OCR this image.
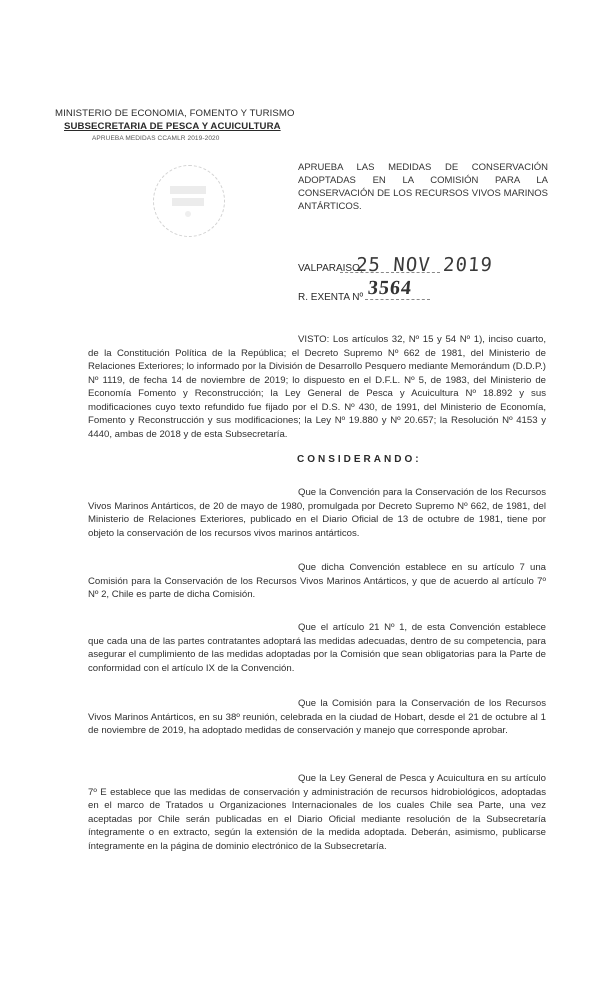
MINISTERIO DE ECONOMIA, FOMENTO Y TURISMO
SUBSECRETARIA DE PESCA Y ACUICULTURA
APRUEBA MEDIDAS CCAMLR 2019-2020
APRUEBA LAS MEDIDAS DE CONSERVACIÓN ADOPTADAS EN LA COMISIÓN PARA LA CONSERVACIÓN DE LOS RECURSOS VIVOS MARINOS ANTÁRTICOS.
VALPARAISO,
25 NOV 2019
R. EXENTA Nº 3564
VISTO: Los artículos 32, Nº 15 y 54 Nº 1), inciso cuarto, de la Constitución Política de la República; el Decreto Supremo Nº 662 de 1981, del Ministerio de Relaciones Exteriores; lo informado por la División de Desarrollo Pesquero mediante Memorándum (D.D.P.) Nº 1119, de fecha 14 de noviembre de 2019; lo dispuesto en el D.F.L. Nº 5, de 1983, del Ministerio de Economía Fomento y Reconstrucción; la Ley General de Pesca y Acuicultura Nº 18.892 y sus modificaciones cuyo texto refundido fue fijado por el D.S. Nº 430, de 1991, del Ministerio de Economía, Fomento y Reconstrucción y sus modificaciones; la Ley Nº 19.880 y Nº 20.657; la Resolución Nº 4153 y 4440, ambas de 2018 y de esta Subsecretaría.
CONSIDERANDO:
Que la Convención para la Conservación de los Recursos Vivos Marinos Antárticos, de 20 de mayo de 1980, promulgada por Decreto Supremo Nº 662, de 1981, del Ministerio de Relaciones Exteriores, publicado en el Diario Oficial de 13 de octubre de 1981, tiene por objeto la conservación de los recursos vivos marinos antárticos.
Que dicha Convención establece en su artículo 7 una Comisión para la Conservación de los Recursos Vivos Marinos Antárticos, y que de acuerdo al artículo 7º Nº 2, Chile es parte de dicha Comisión.
Que el artículo 21 Nº 1, de esta Convención establece que cada una de las partes contratantes adoptará las medidas adecuadas, dentro de su competencia, para asegurar el cumplimiento de las medidas adoptadas por la Comisión que sean obligatorias para la Parte de conformidad con el artículo IX de la Convención.
Que la Comisión para la Conservación de los Recursos Vivos Marinos Antárticos, en su 38º reunión, celebrada en la ciudad de Hobart, desde el 21 de octubre al 1 de noviembre de 2019, ha adoptado medidas de conservación y manejo que corresponde aprobar.
Que la Ley General de Pesca y Acuicultura en su artículo 7º E establece que las medidas de conservación y administración de recursos hidrobiológicos, adoptadas en el marco de Tratados u Organizaciones Internacionales de los cuales Chile sea Parte, una vez aceptadas por Chile serán publicadas en el Diario Oficial mediante resolución de la Subsecretaría íntegramente o en extracto, según la extensión de la medida adoptada. Deberán, asimismo, publicarse íntegramente en la página de dominio electrónico de la Subsecretaría.
